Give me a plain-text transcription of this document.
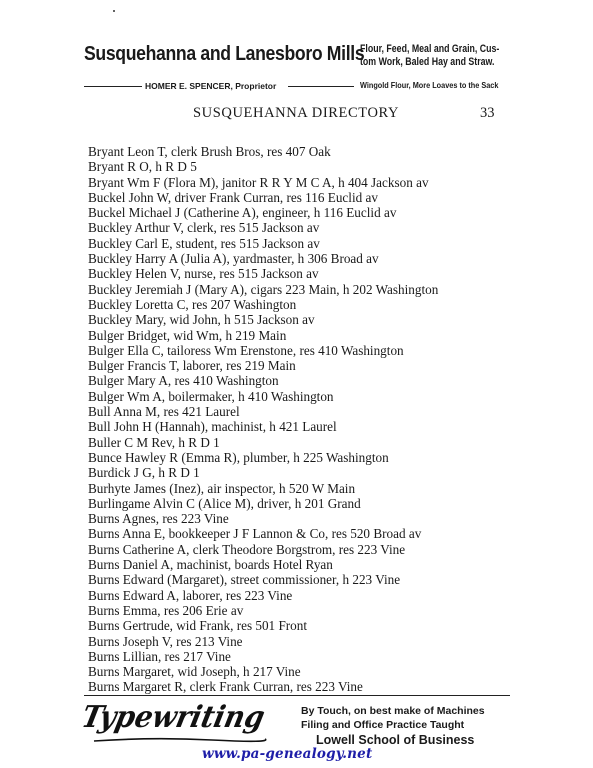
Susquehanna and Lanesboro Mills
Flour, Feed, Meal and Grain, Cus-
tom Work, Baled Hay and Straw.
HOMER E. SPENCER, Proprietor	Wingold Flour, More Loaves to the Sack
SUSQUEHANNA DIRECTORY	33
Bryant Leon T, clerk Brush Bros, res 407 Oak
Bryant R O, h R D 5
Bryant Wm F (Flora M), janitor R R Y M C A, h 404 Jackson av
Buckel John W, driver Frank Curran, res 116 Euclid av
Buckel Michael J (Catherine A), engineer, h 116 Euclid av
Buckley Arthur V, clerk, res 515 Jackson av
Buckley Carl E, student, res 515 Jackson av
Buckley Harry A (Julia A), yardmaster, h 306 Broad av
Buckley Helen V, nurse, res 515 Jackson av
Buckley Jeremiah J (Mary A), cigars 223 Main, h 202 Washington
Buckley Loretta C, res 207 Washington
Buckley Mary, wid John, h 515 Jackson av
Bulger Bridget, wid Wm, h 219 Main
Bulger Ella C, tailoress Wm Erenstone, res 410 Washington
Bulger Francis T, laborer, res 219 Main
Bulger Mary A, res 410 Washington
Bulger Wm A, boilermaker, h 410 Washington
Bull Anna M, res 421 Laurel
Bull John H (Hannah), machinist, h 421 Laurel
Buller C M Rev, h R D 1
Bunce Hawley R (Emma R), plumber, h 225 Washington
Burdick J G, h R D 1
Burhyte James (Inez), air inspector, h 520 W Main
Burlingame Alvin C (Alice M), driver, h 201 Grand
Burns Agnes, res 223 Vine
Burns Anna E, bookkeeper J F Lannon & Co, res 520 Broad av
Burns Catherine A, clerk Theodore Borgstrom, res 223 Vine
Burns Daniel A, machinist, boards Hotel Ryan
Burns Edward (Margaret), street commissioner, h 223 Vine
Burns Edward A, laborer, res 223 Vine
Burns Emma, res 206 Erie av
Burns Gertrude, wid Frank, res 501 Front
Burns Joseph V, res 213 Vine
Burns Lillian, res 217 Vine
Burns Margaret, wid Joseph, h 217 Vine
Burns Margaret R, clerk Frank Curran, res 223 Vine
Typewriting	By Touch, on best make of Machines
Filing and Office Practice Taught
Lowell School of Business
www.pa-genealogy.net
